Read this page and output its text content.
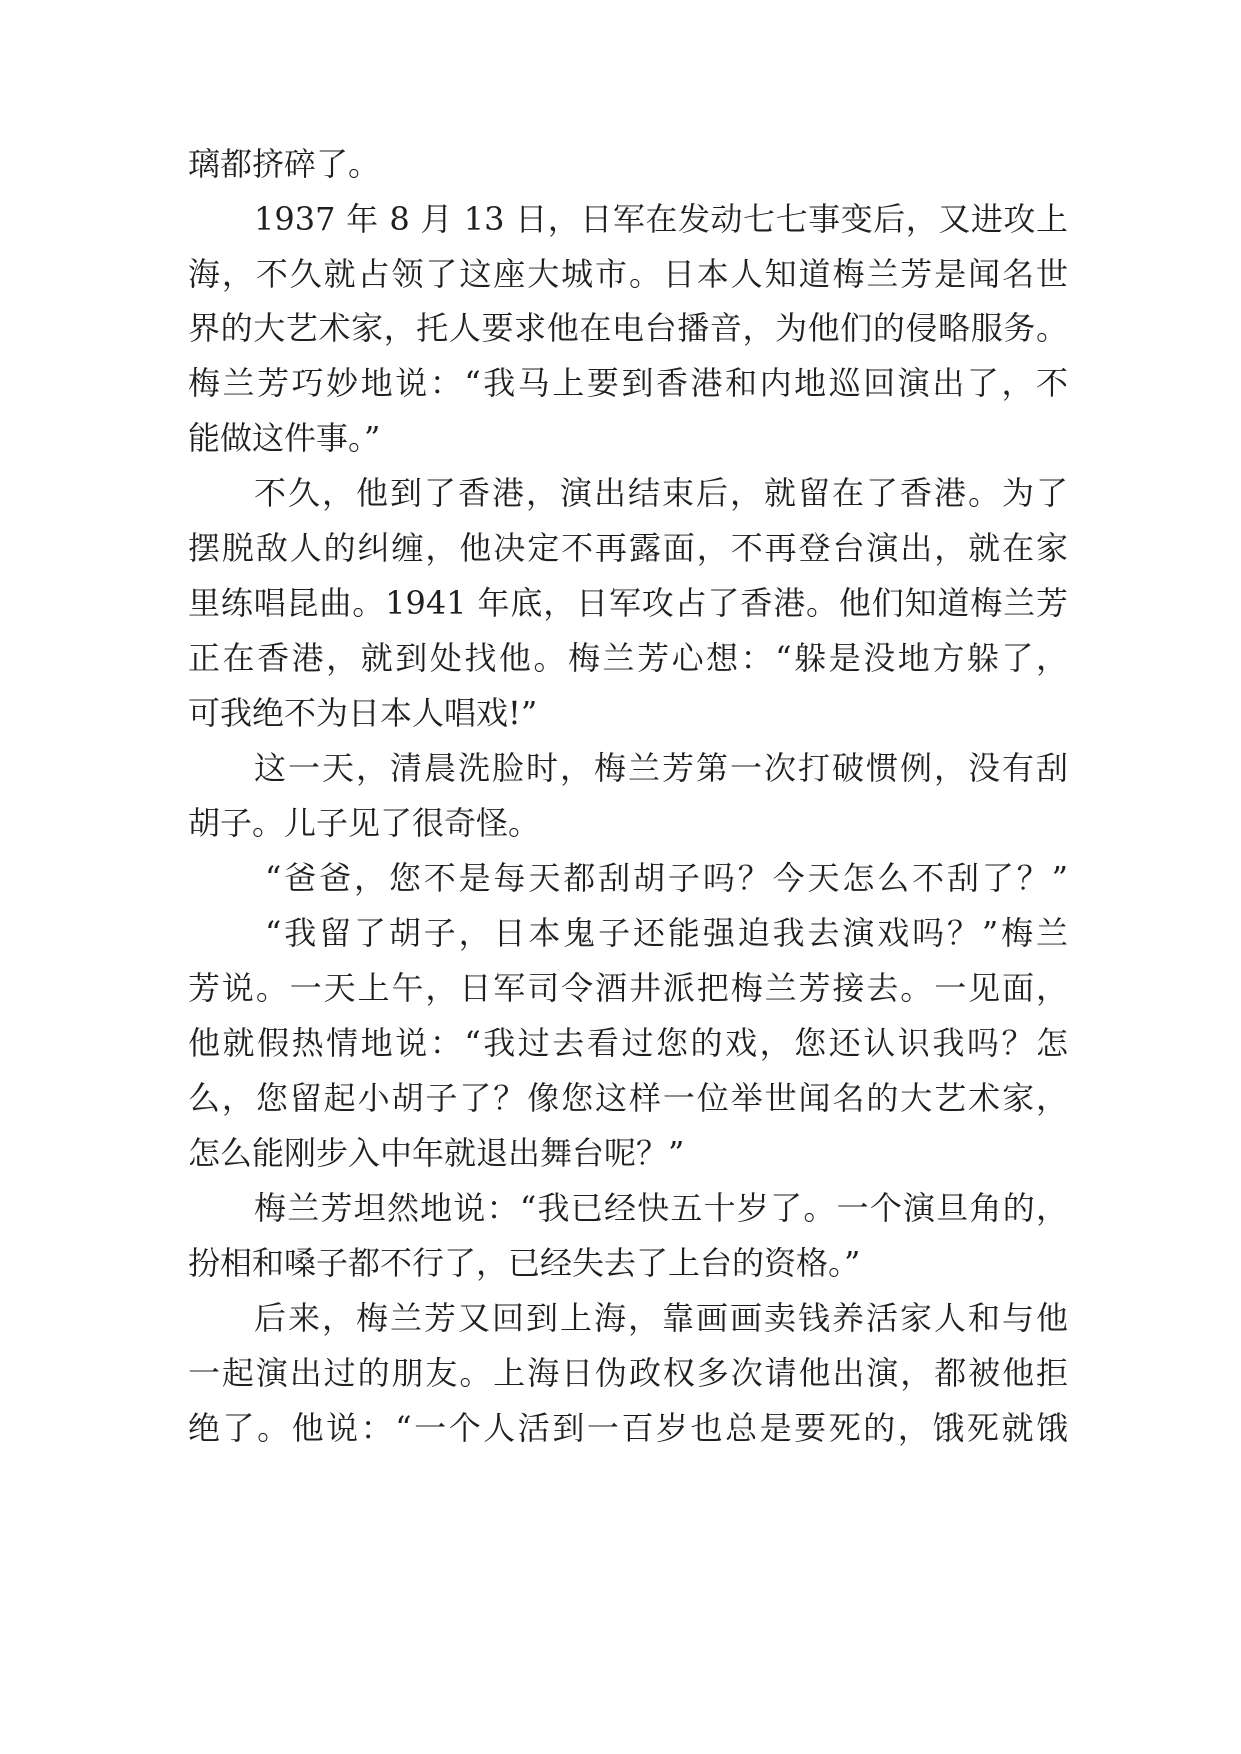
璃都挤碎了。
1937 年 8 月 13 日，日军在发动七七事变后，又进攻上
海，不久就占领了这座大城市。日本人知道梅兰芳是闻名世
界的大艺术家，托人要求他在电台播音，为他们的侵略服务。
梅兰芳巧妙地说：“我马上要到香港和内地巡回演出了，不
能做这件事。”
不久，他到了香港，演出结束后，就留在了香港。为了
摆脱敌人的纠缠，他决定不再露面，不再登台演出，就在家
里练唱昆曲。1941 年底，日军攻占了香港。他们知道梅兰芳
正在香港，就到处找他。梅兰芳心想：“躲是没地方躲了，
可我绝不为日本人唱戏!”
这一天，清晨洗脸时，梅兰芳第一次打破惯例，没有刮
胡子。儿子见了很奇怪。
“爸爸，您不是每天都刮胡子吗？今天怎么不刮了？”
“我留了胡子，日本鬼子还能强迫我去演戏吗？”梅兰
芳说。一天上午，日军司令酒井派把梅兰芳接去。一见面，
他就假热情地说：“我过去看过您的戏，您还认识我吗？怎
么，您留起小胡子了？像您这样一位举世闻名的大艺术家，
怎么能刚步入中年就退出舞台呢？”
梅兰芳坦然地说：“我已经快五十岁了。一个演旦角的，
扮相和嗓子都不行了，已经失去了上台的资格。”
后来，梅兰芳又回到上海，靠画画卖钱养活家人和与他
一起演出过的朋友。上海日伪政权多次请他出演，都被他拒
绝了。他说：“一个人活到一百岁也总是要死的，饿死就饿
